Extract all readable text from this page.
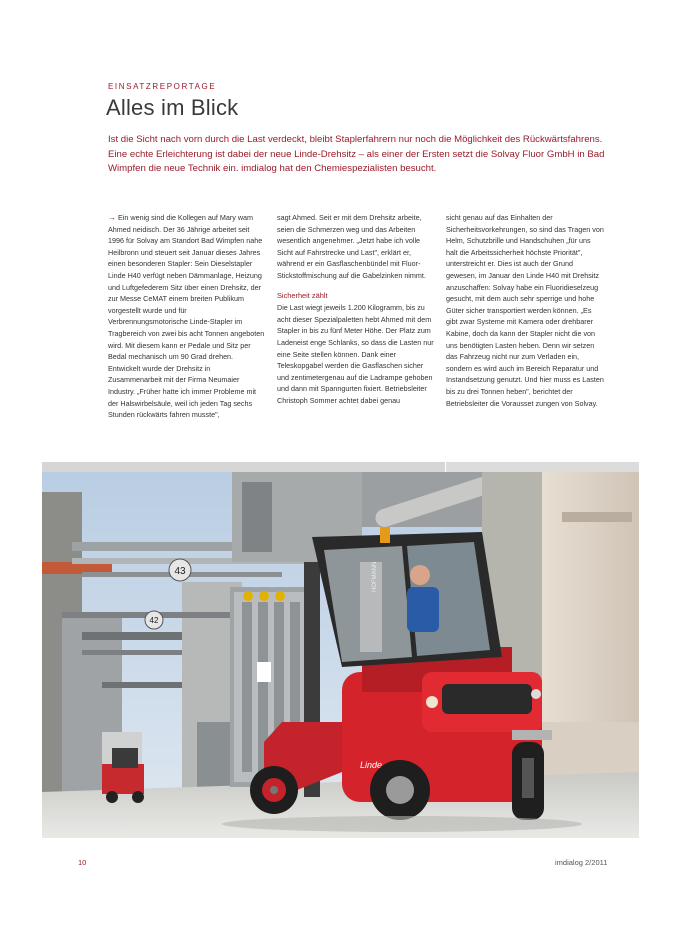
EINSATZREPORTAGE
Alles im Blick

Ist die Sicht nach vorn durch die Last verdeckt, bleibt Staplerfahrern nur noch die Möglichkeit des Rückwärtsfahrens. Eine echte Erleichterung ist dabei der neue Linde-Drehsitz – als einer der Ersten setzt die Solvay Fluor GmbH in Bad Wimpfen die neue Technik ein. imdialog hat den Chemiespezialisten besucht.

→ Ein wenig sind die Kollegen auf Mary wam Ahmed neidisch. Der 36 Jährige arbeitet seit 1996 für Solvay am Standort Bad Wimpfen nahe Heilbronn und steuert seit Januar dieses Jahres einen besonderen Stapler: Sein Dieselstapler Linde H40 verfügt neben Dämmanlage, Heizung und Luftgefederem Sitz über einen Drehsitz, der zur Messe CeMAT einem breiten Publikum vorgestellt wurde und für Verbrennungsmotorische Linde-Stapler im Tragbereich von zwei bis acht Tonnen angeboten wird. Mit diesem kann er Pedale und Sitz per Bedal mechanisch um 90 Grad drehen. Entwickelt wurde der Drehsitz in Zusammenarbeit mit der Firma Neumaier Industry. „Früher hatte ich immer Probleme mit der Halswirbelsäule, weil ich jeden Tag sechs Stunden rückwärts fahren musste",

sagt Ahmed. Seit er mit dem Drehsitz arbeite, seien die Schmerzen weg und das Arbeiten wesentlich angenehmer. „Jetzt habe ich volle Sicht auf Fahrstrecke und Last", erklärt er, während er ein Gasflaschenbündel mit Fluor-Stickstoffmischung auf die Gabelzinken nimmt.

Sicherheit zählt

Die Last wiegt jeweils 1.200 Kilogramm, bis zu acht dieser Spezialpaletten hebt Ahmed mit dem Stapler in bis zu fünf Meter Höhe. Der Platz zum Ladeneist enge Schlanks, so dass die Lasten nur eine Seite stellen können. Dank einer Teleskopgabel werden die Gasflaschen sicher und zentimetergenau auf die Ladrampe gehoben und dann mit Spanngurten fixiert. Betriebsleiter Christoph Sommer achtet dabei genau

sicht genau auf das Einhalten der Sicherheitsvorkehrungen, so sind das Tragen von Helm, Schutzbrille und Handschuhen „für uns halt die Arbeitssicherheit höchste Priorität", unterstreicht er. Dies ist auch der Grund gewesen, im Januar den Linde H40 mit Drehsitz anzuschaffen: Solvay habe ein Fluoridieselzeug gesucht, mit dem auch sehr sperrige und hohe Güter sicher transportiert werden können. „Es gibt zwar Systeme mit Kamera oder drehbarer Kabine, doch da kann der Stapler nicht die von uns benötigten Lasten heben. Denn wir setzen das Fahrzeug nicht nur zum Verladen ein, sondern es wird auch im Bereich Reparatur und Instandsetzung genutzt. Und hier muss es Lasten bis zu drei Tonnen heben", berichtet der Betriebsleiter die Vorausset zungen von Solvay.

43
42
HOFMANN
Linde
10	imdialog 2/2011
